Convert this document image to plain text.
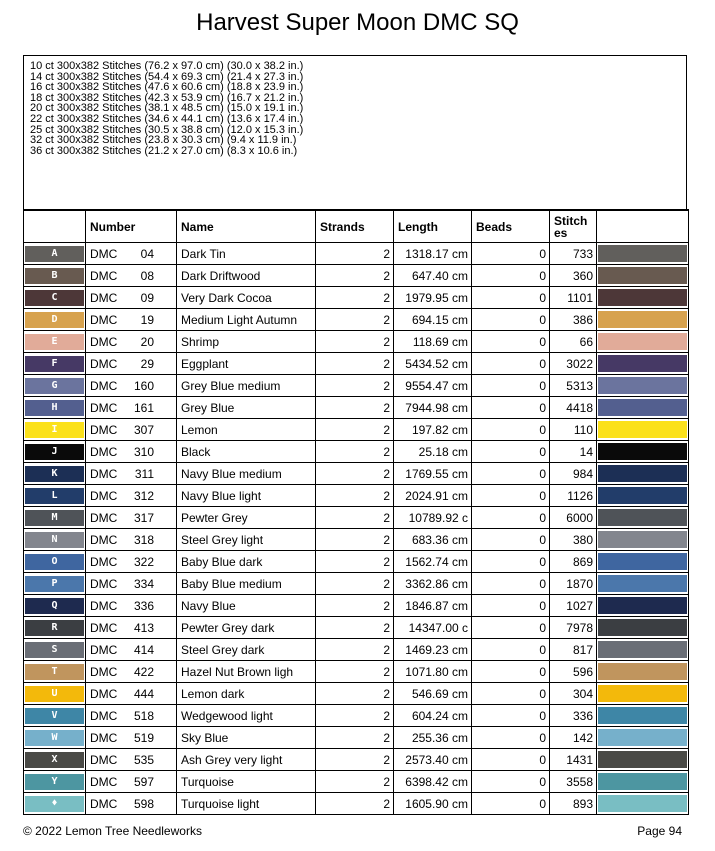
Harvest Super Moon DMC SQ
10 ct 300x382 Stitches (76.2 x 97.0 cm) (30.0 x 38.2 in.)
14 ct 300x382 Stitches (54.4 x 69.3 cm) (21.4 x 27.3 in.)
16 ct 300x382 Stitches (47.6 x 60.6 cm) (18.8 x 23.9 in.)
18 ct 300x382 Stitches (42.3 x 53.9 cm) (16.7 x 21.2 in.)
20 ct 300x382 Stitches (38.1 x 48.5 cm) (15.0 x 19.1 in.)
22 ct 300x382 Stitches (34.6 x 44.1 cm) (13.6 x 17.4 in.)
25 ct 300x382 Stitches (30.5 x 38.8 cm) (12.0 x 15.3 in.)
32 ct 300x382 Stitches (23.8 x 30.3 cm) (9.4 x 11.9 in.)
36 ct 300x382 Stitches (21.2 x 27.0 cm) (8.3 x 10.6 in.)
	Number	Name	Strands	Length	Beads	Stitch es	

A	DMC 04	Dark Tin	2	1318.17 cm	0	733	

B	DMC 08	Dark Driftwood	2	647.40 cm	0	360	

C	DMC 09	Very Dark Cocoa	2	1979.95 cm	0	1101	

D	DMC 19	Medium Light Autumn	2	694.15 cm	0	386	

E	DMC 20	Shrimp	2	118.69 cm	0	66	

F	DMC 29	Eggplant	2	5434.52 cm	0	3022	

G	DMC 160	Grey Blue medium	2	9554.47 cm	0	5313	

H	DMC 161	Grey Blue	2	7944.98 cm	0	4418	

I	DMC 307	Lemon	2	197.82 cm	0	110	

J	DMC 310	Black	2	25.18 cm	0	14	

K	DMC 311	Navy Blue medium	2	1769.55 cm	0	984	

L	DMC 312	Navy Blue light	2	2024.91 cm	0	1126	

M	DMC 317	Pewter Grey	2	10789.92 c	0	6000	

N	DMC 318	Steel Grey light	2	683.36 cm	0	380	

O	DMC 322	Baby Blue dark	2	1562.74 cm	0	869	

P	DMC 334	Baby Blue medium	2	3362.86 cm	0	1870	

Q	DMC 336	Navy Blue	2	1846.87 cm	0	1027	

R	DMC 413	Pewter Grey dark	2	14347.00 c	0	7978	

S	DMC 414	Steel Grey dark	2	1469.23 cm	0	817	

T	DMC 422	Hazel Nut Brown ligh	2	1071.80 cm	0	596	

U	DMC 444	Lemon dark	2	546.69 cm	0	304	

V	DMC 518	Wedgewood light	2	604.24 cm	0	336	

W	DMC 519	Sky Blue	2	255.36 cm	0	142	

X	DMC 535	Ash Grey very light	2	2573.40 cm	0	1431	

Y	DMC 597	Turquoise	2	6398.42 cm	0	3558	

♦	DMC 598	Turquoise light	2	1605.90 cm	0	893	
© 2022 Lemon Tree Needleworks	Page 94
